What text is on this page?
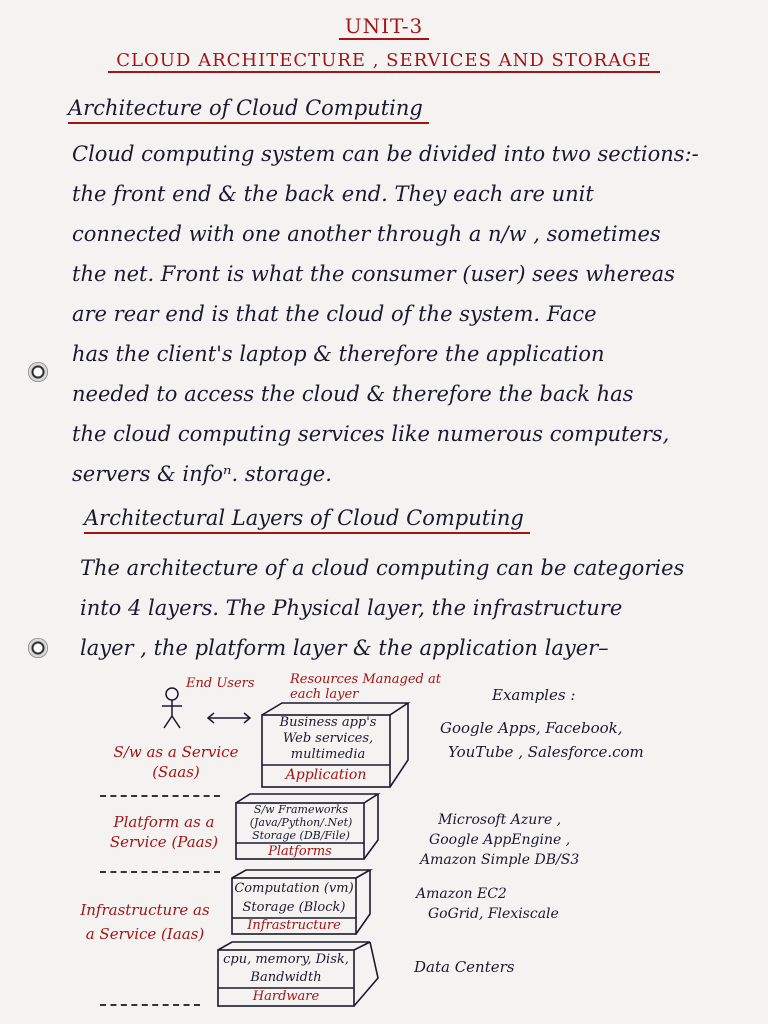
UNIT-3
CLOUD ARCHITECTURE , SERVICES AND STORAGE
Architecture of Cloud Computing
Cloud computing system can be divided into two sections:-
the front end & the back end. They each are unit
connected with one another through a n/w , sometimes
the net. Front is what the consumer (user) sees whereas
are rear end is that the cloud of the system. Face
has the client's laptop & therefore the application
needed to access the cloud & therefore the back has
the cloud computing services like numerous computers,
servers & infoⁿ. storage.
Architectural Layers of Cloud Computing
The architecture of a cloud computing can be categories
into 4 layers. The Physical layer, the infrastructure
layer , the platform layer & the application layer–
End Users	Resources Managed at each layer	Examples :
S/w as a Service (Saas)
Business app's
Web services,
multimedia
Application
Google Apps, Facebook,
YouTube , Salesforce.com
Platform as a Service (Paas)
S/w Frameworks
(Java/Python/.Net)
Storage (DB/File)
Platforms
Microsoft Azure ,
Google AppEngine ,
Amazon Simple DB/S3
Infrastructure as a Service (Iaas)
Computation (vm)
Storage (Block)
Infrastructure
Amazon EC2
GoGrid, Flexiscale
cpu, memory, Disk,
Bandwidth
Hardware
Data Centers
